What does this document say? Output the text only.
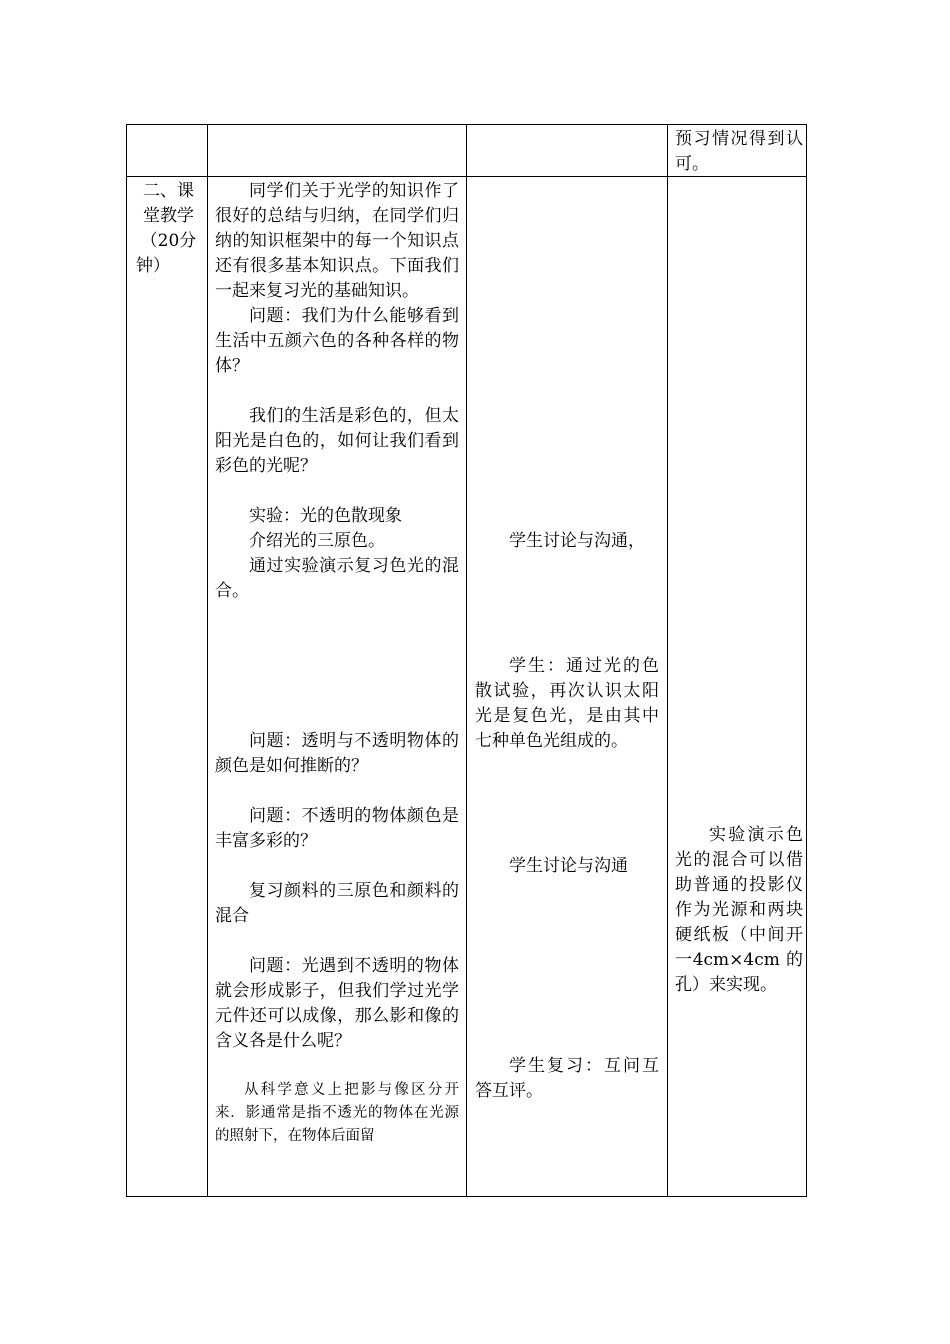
预习情况得到认可。

二、课堂教学（20分钟）

同学们关于光学的知识作了很好的总结与归纳，在同学们归纳的知识框架中的每一个知识点还有很多基本知识点。下面我们一起来复习光的基础知识。

问题：我们为什么能够看到生活中五颜六色的各种各样的物体？

我们的生活是彩色的，但太阳光是白色的，如何让我们看到彩色的光呢？

实验：光的色散现象

介绍光的三原色。

通过实验演示复习色光的混合。

问题：透明与不透明物体的颜色是如何推断的？

问题：不透明的物体颜色是丰富多彩的？

复习颜料的三原色和颜料的混合

问题：光遇到不透明的物体就会形成影子，但我们学过光学元件还可以成像，那么影和像的含义各是什么呢？

从科学意义上把影与像区分开来．影通常是指不透光的物体在光源的照射下，在物体后面留

学生讨论与沟通，

学生：通过光的色散试验，再次认识太阳光是复色光，是由其中七种单色光组成的。

学生讨论与沟通

学生复习：互问互答互评。

实验演示色光的混合可以借助普通的投影仪作为光源和两块硬纸板（中间开一4cm×4cm 的孔）来实现。
